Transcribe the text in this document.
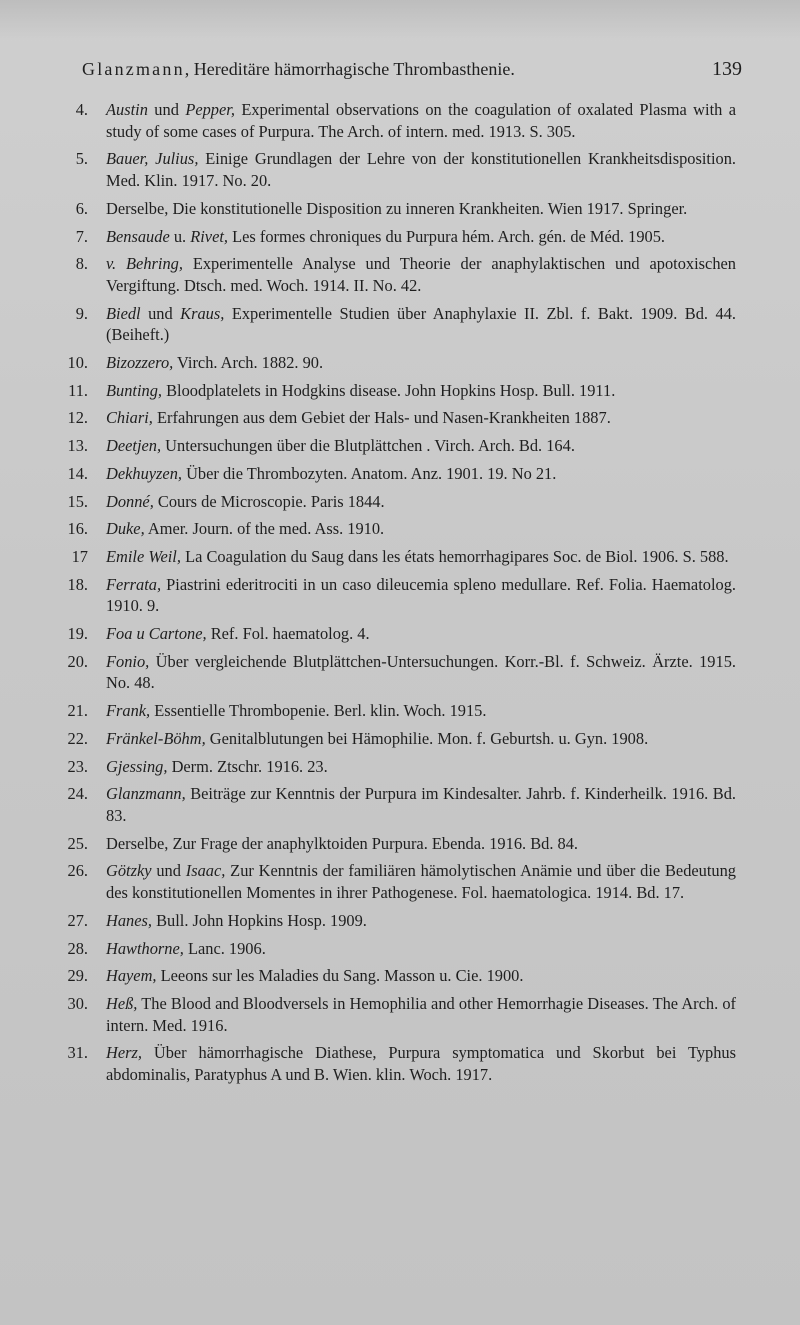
Glanzmann, Hereditäre hämorrhagische Thrombasthenie.	139
4. Austin und Pepper, Experimental observations on the coagulation of oxalated Plasma with a study of some cases of Purpura. The Arch. of intern. med. 1913. S. 305.
5. Bauer, Julius, Einige Grundlagen der Lehre von der konstitutionellen Krankheitsdisposition. Med. Klin. 1917. No. 20.
6. Derselbe, Die konstitutionelle Disposition zu inneren Krankheiten. Wien 1917. Springer.
7. Bensaude u. Rivet, Les formes chroniques du Purpura hém. Arch. gén. de Méd. 1905.
8. v. Behring, Experimentelle Analyse und Theorie der anaphylaktischen und apotoxischen Vergiftung. Dtsch. med. Woch. 1914. II. No. 42.
9. Biedl und Kraus, Experimentelle Studien über Anaphylaxie II. Zbl. f. Bakt. 1909. Bd. 44. (Beiheft.)
10. Bizozzero, Virch. Arch. 1882. 90.
11. Bunting, Bloodplatelets in Hodgkins disease. John Hopkins Hosp. Bull. 1911.
12. Chiari, Erfahrungen aus dem Gebiet der Hals- und Nasen-Krankheiten 1887.
13. Deetjen, Untersuchungen über die Blutplättchen . Virch. Arch. Bd. 164.
14. Dekhuyzen, Über die Thrombozyten. Anatom. Anz. 1901. 19. No 21.
15. Donné, Cours de Microscopie. Paris 1844.
16. Duke, Amer. Journ. of the med. Ass. 1910.
17 Emile Weil, La Coagulation du Saug dans les états hemorrhagipares Soc. de Biol. 1906. S. 588.
18. Ferrata, Piastrini ederitrociti in un caso dileucemia spleno medullare. Ref. Folia. Haematolog. 1910. 9.
19. Foa u Cartone, Ref. Fol. haematolog. 4.
20. Fonio, Über vergleichende Blutplättchen-Untersuchungen. Korr.-Bl. f. Schweiz. Ärzte. 1915. No. 48.
21. Frank, Essentielle Thrombopenie. Berl. klin. Woch. 1915.
22. Fränkel-Böhm, Genitalblutungen bei Hämophilie. Mon. f. Geburtsh. u. Gyn. 1908.
23. Gjessing, Derm. Ztschr. 1916. 23.
24. Glanzmann, Beiträge zur Kenntnis der Purpura im Kindesalter. Jahrb. f. Kinderheilk. 1916. Bd. 83.
25. Derselbe, Zur Frage der anaphylktoiden Purpura. Ebenda. 1916. Bd. 84.
26. Götzky und Isaac, Zur Kenntnis der familiären hämolytischen Anämie und über die Bedeutung des konstitutionellen Momentes in ihrer Pathogenese. Fol. haematologica. 1914. Bd. 17.
27. Hanes, Bull. John Hopkins Hosp. 1909.
28. Hawthorne, Lanc. 1906.
29. Hayem, Leeons sur les Maladies du Sang. Masson u. Cie. 1900.
30. Heß, The Blood and Bloodversels in Hemophilia and other Hemorrhagie Diseases. The Arch. of intern. Med. 1916.
31. Herz, Über hämorrhagische Diathese, Purpura symptomatica und Skorbut bei Typhus abdominalis, Paratyphus A und B. Wien. klin. Woch. 1917.
